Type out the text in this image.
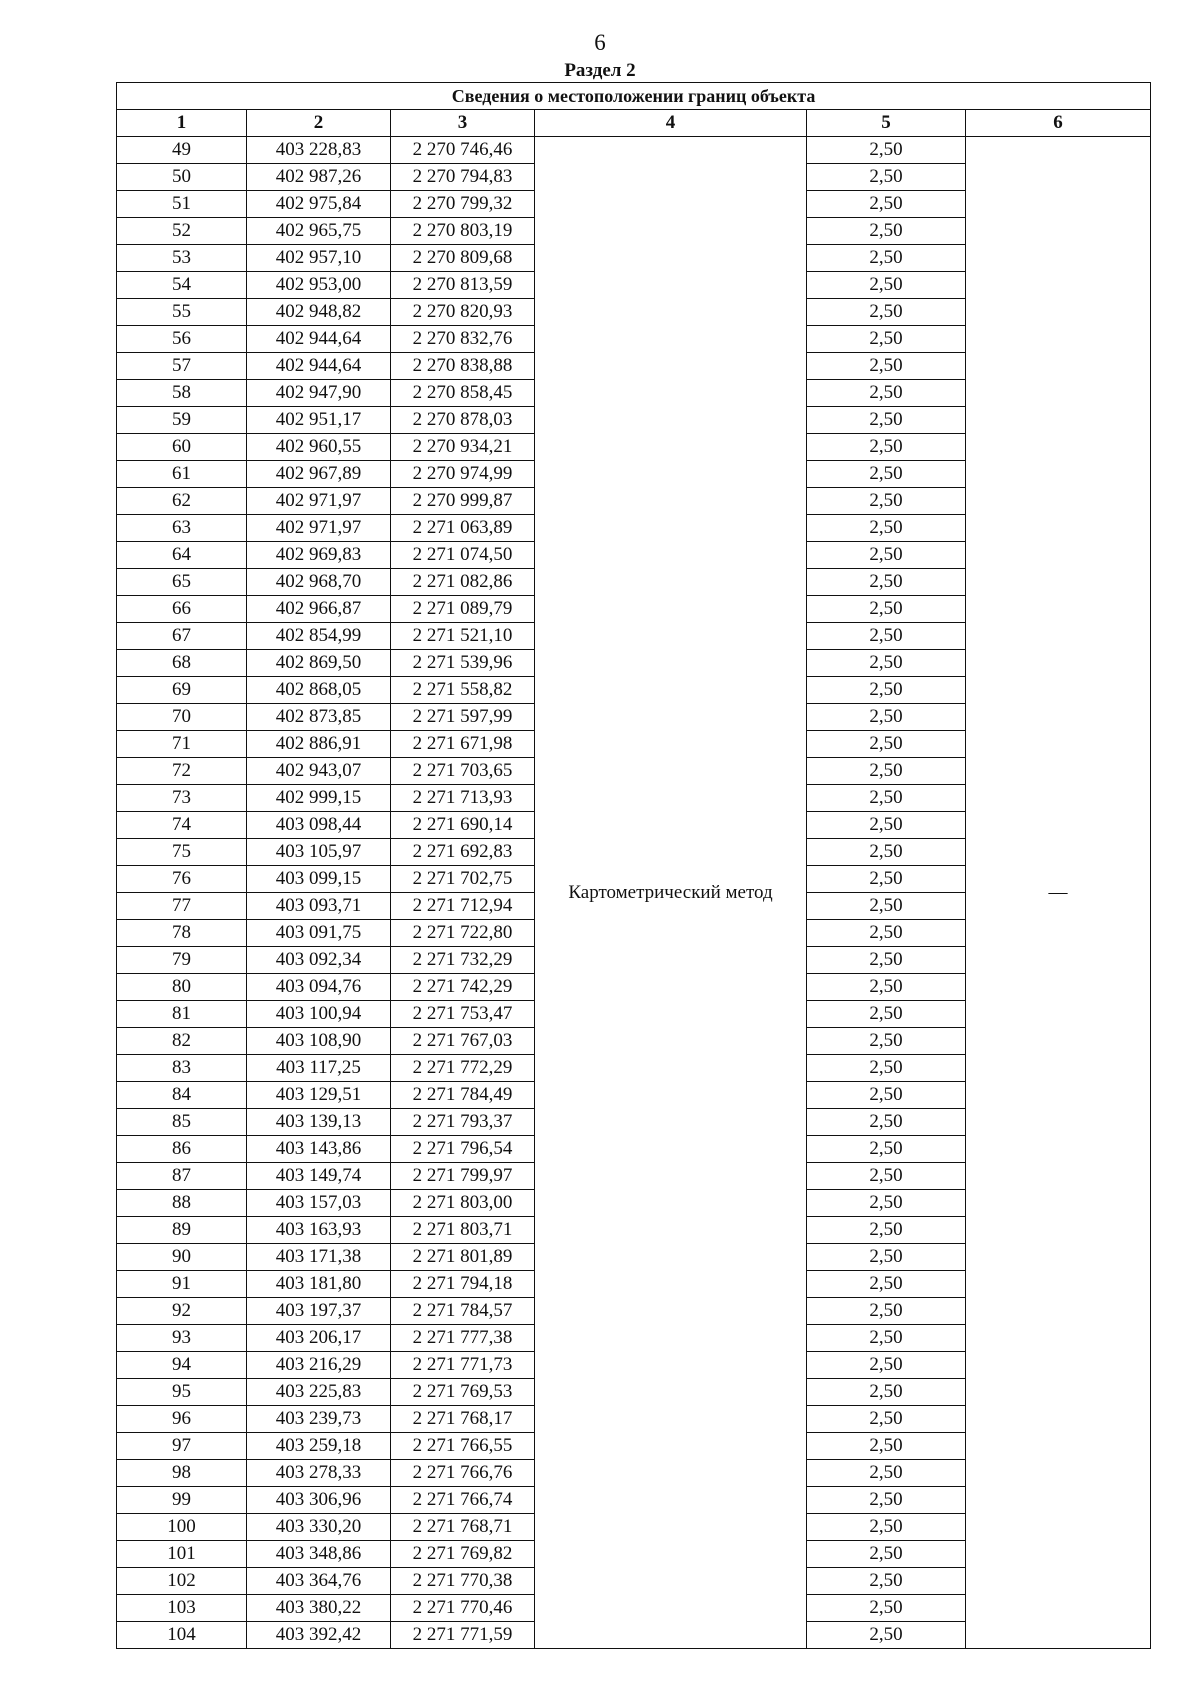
6
Раздел 2
Сведения о местоположении границ объекта					
1	2	3	4	5	6
49	403 228,83	2 270 746,46	Картометрический метод	2,50	—
50	402 987,26	2 270 794,83		2,50	
51	402 975,84	2 270 799,32		2,50	
52	402 965,75	2 270 803,19		2,50	
53	402 957,10	2 270 809,68		2,50	
54	402 953,00	2 270 813,59		2,50	
55	402 948,82	2 270 820,93		2,50	
56	402 944,64	2 270 832,76		2,50	
57	402 944,64	2 270 838,88		2,50	
58	402 947,90	2 270 858,45		2,50	
59	402 951,17	2 270 878,03		2,50	
60	402 960,55	2 270 934,21		2,50	
61	402 967,89	2 270 974,99		2,50	
62	402 971,97	2 270 999,87		2,50	
63	402 971,97	2 271 063,89		2,50	
64	402 969,83	2 271 074,50		2,50	
65	402 968,70	2 271 082,86		2,50	
66	402 966,87	2 271 089,79		2,50	
67	402 854,99	2 271 521,10		2,50	
68	402 869,50	2 271 539,96		2,50	
69	402 868,05	2 271 558,82		2,50	
70	402 873,85	2 271 597,99		2,50	
71	402 886,91	2 271 671,98		2,50	
72	402 943,07	2 271 703,65		2,50	
73	402 999,15	2 271 713,93		2,50	
74	403 098,44	2 271 690,14		2,50	
75	403 105,97	2 271 692,83		2,50	
76	403 099,15	2 271 702,75		2,50	
77	403 093,71	2 271 712,94		2,50	
78	403 091,75	2 271 722,80		2,50	
79	403 092,34	2 271 732,29		2,50	
80	403 094,76	2 271 742,29		2,50	
81	403 100,94	2 271 753,47		2,50	
82	403 108,90	2 271 767,03		2,50	
83	403 117,25	2 271 772,29		2,50	
84	403 129,51	2 271 784,49		2,50	
85	403 139,13	2 271 793,37		2,50	
86	403 143,86	2 271 796,54		2,50	
87	403 149,74	2 271 799,97		2,50	
88	403 157,03	2 271 803,00		2,50	
89	403 163,93	2 271 803,71		2,50	
90	403 171,38	2 271 801,89		2,50	
91	403 181,80	2 271 794,18		2,50	
92	403 197,37	2 271 784,57		2,50	
93	403 206,17	2 271 777,38		2,50	
94	403 216,29	2 271 771,73		2,50	
95	403 225,83	2 271 769,53		2,50	
96	403 239,73	2 271 768,17		2,50	
97	403 259,18	2 271 766,55		2,50	
98	403 278,33	2 271 766,76		2,50	
99	403 306,96	2 271 766,74		2,50	
100	403 330,20	2 271 768,71		2,50	
101	403 348,86	2 271 769,82		2,50	
102	403 364,76	2 271 770,38		2,50	
103	403 380,22	2 271 770,46		2,50	
104	403 392,42	2 271 771,59		2,50	
